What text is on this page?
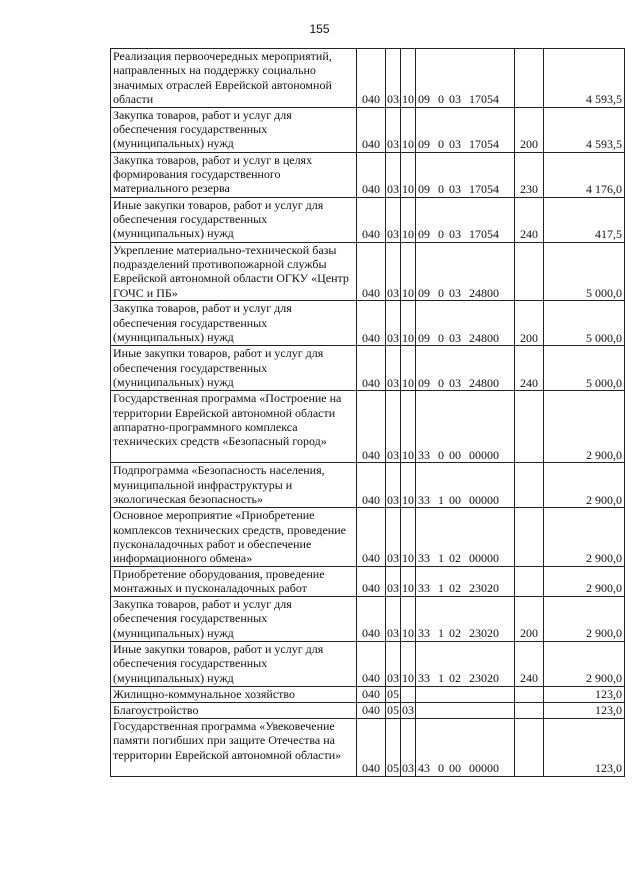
155
Реализация первоочередных мероприятий, направленных на поддержку социально значимых отраслей Еврейской автономной области	040	03	10	09 0 03 17054		4 593,5
Закупка товаров, работ и услуг для обеспечения государственных (муниципальных) нужд	040	03	10	09 0 03 17054	200	4 593,5
Закупка товаров, работ и услуг в целях формирования государственного материального резерва	040	03	10	09 0 03 17054	230	4 176,0
Иные закупки товаров, работ и услуг для обеспечения государственных (муниципальных) нужд	040	03	10	09 0 03 17054	240	417,5
Укрепление материально-технической базы подразделений противопожарной службы Еврейской автономной области ОГКУ «Центр ГОЧС и ПБ»	040	03	10	09 0 03 24800		5 000,0
Закупка товаров, работ и услуг для обеспечения государственных (муниципальных) нужд	040	03	10	09 0 03 24800	200	5 000,0
Иные закупки товаров, работ и услуг для обеспечения государственных (муниципальных) нужд	040	03	10	09 0 03 24800	240	5 000,0
Государственная программа «Построение на территории Еврейской автономной области аппаратно-программного комплекса технических средств «Безопасный город»	040	03	10	33 0 00 00000		2 900,0
Подпрограмма «Безопасность населения, муниципальной инфраструктуры и экологическая безопасность»	040	03	10	33 1 00 00000		2 900,0
Основное мероприятие «Приобретение комплексов технических средств, проведение пусконаладочных работ и обеспечение информационного обмена»	040	03	10	33 1 02 00000		2 900,0
Приобретение оборудования, проведение монтажных и пусконаладочных работ	040	03	10	33 1 02 23020		2 900,0
Закупка товаров, работ и услуг для обеспечения государственных (муниципальных) нужд	040	03	10	33 1 02 23020	200	2 900,0
Иные закупки товаров, работ и услуг для обеспечения государственных (муниципальных) нужд	040	03	10	33 1 02 23020	240	2 900,0
Жилищно-коммунальное хозяйство	040	05				123,0
Благоустройство	040	05	03			123,0
Государственная программа «Увековечение памяти погибших при защите Отечества на территории Еврейской автономной области»	040	05	03	43 0 00 00000		123,0
